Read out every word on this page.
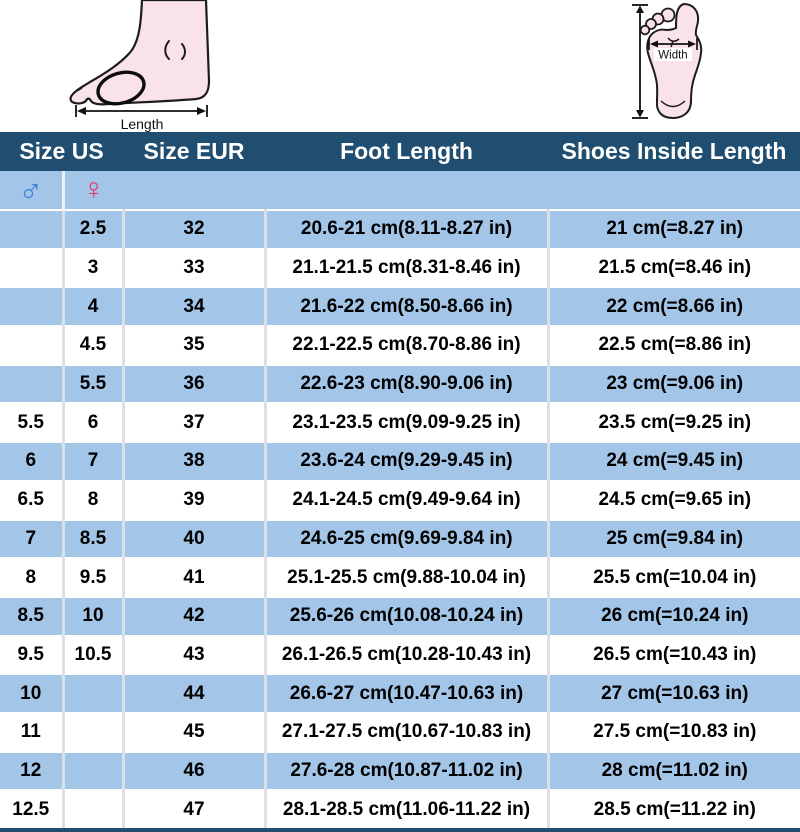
Length
Width
Size US		Size EUR	Foot Length	Shoes Inside Length
♂	♀			
	2.5	32	20.6-21 cm(8.11-8.27 in)	21 cm(=8.27 in)
	3	33	21.1-21.5 cm(8.31-8.46 in)	21.5 cm(=8.46 in)
	4	34	21.6-22 cm(8.50-8.66 in)	22 cm(=8.66 in)
	4.5	35	22.1-22.5 cm(8.70-8.86 in)	22.5 cm(=8.86 in)
	5.5	36	22.6-23 cm(8.90-9.06 in)	23 cm(=9.06 in)
5.5	6	37	23.1-23.5 cm(9.09-9.25 in)	23.5 cm(=9.25 in)
6	7	38	23.6-24 cm(9.29-9.45 in)	24 cm(=9.45 in)
6.5	8	39	24.1-24.5 cm(9.49-9.64 in)	24.5 cm(=9.65 in)
7	8.5	40	24.6-25 cm(9.69-9.84 in)	25 cm(=9.84 in)
8	9.5	41	25.1-25.5 cm(9.88-10.04 in)	25.5 cm(=10.04 in)
8.5	10	42	25.6-26 cm(10.08-10.24 in)	26 cm(=10.24 in)
9.5	10.5	43	26.1-26.5 cm(10.28-10.43 in)	26.5 cm(=10.43 in)
10		44	26.6-27 cm(10.47-10.63 in)	27 cm(=10.63 in)
11		45	27.1-27.5 cm(10.67-10.83 in)	27.5 cm(=10.83 in)
12		46	27.6-28 cm(10.87-11.02 in)	28 cm(=11.02 in)
12.5		47	28.1-28.5 cm(11.06-11.22 in)	28.5 cm(=11.22 in)
